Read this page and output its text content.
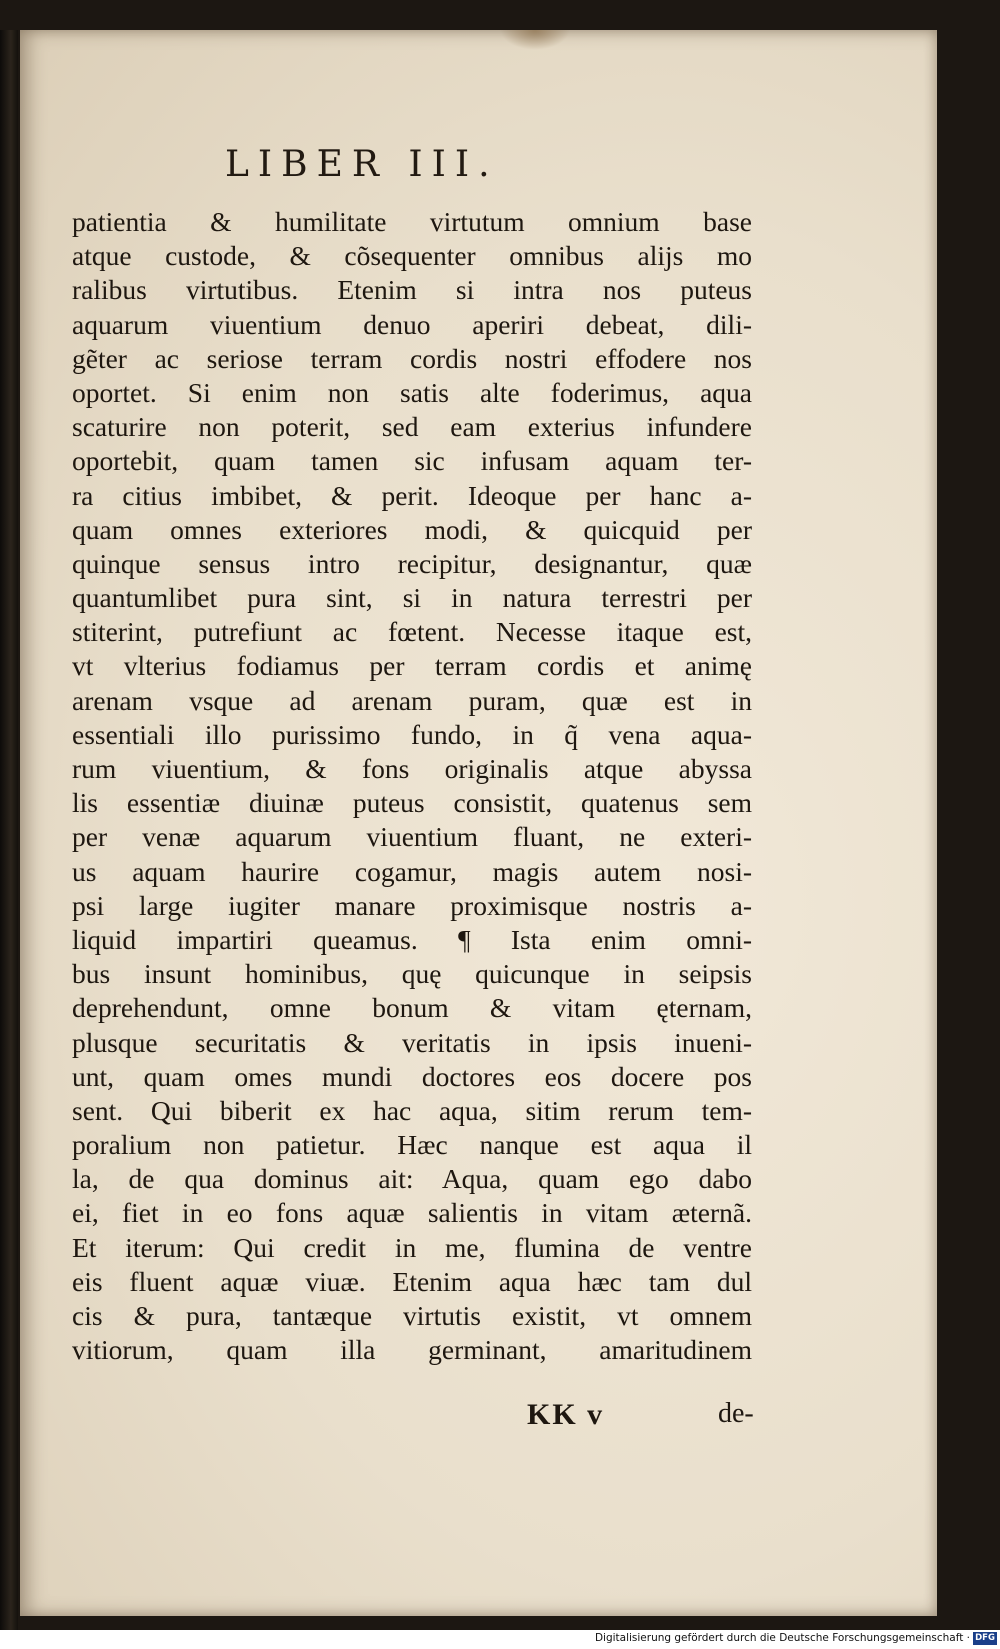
LIBER III.
patientia & humilitate virtutum omnium base
atque custode, & cõsequenter omnibus alijs mo
ralibus virtutibus. Etenim si intra nos puteus
aquarum viuentium denuo aperiri debeat, dili-
gẽter ac seriose terram cordis nostri effodere nos
oportet. Si enim non satis alte foderimus, aqua
scaturire non poterit, sed eam exterius infundere
oportebit, quam tamen sic infusam aquam ter-
ra citius imbibet, & perit. Ideoque per hanc a-
quam omnes exteriores modi, & quicquid per
quinque sensus intro recipitur, designantur, quæ
quantumlibet pura sint, si in natura terrestri per
stiterint, putrefiunt ac fœtent. Necesse itaque est,
vt vlterius fodiamus per terram cordis et animę
arenam vsque ad arenam puram, quæ est in
essentiali illo purissimo fundo, in q̃ vena aqua-
rum viuentium, & fons originalis atque abyssa
lis essentiæ diuinæ puteus consistit, quatenus sem
per venæ aquarum viuentium fluant, ne exteri-
us aquam haurire cogamur, magis autem nosi-
psi large iugiter manare proximisque nostris a-
liquid impartiri queamus. ¶ Ista enim omni-
bus insunt hominibus, quę quicunque in seipsis
deprehendunt, omne bonum & vitam ęternam,
plusque securitatis & veritatis in ipsis inueni-
unt, quam omes mundi doctores eos docere pos
sent. Qui biberit ex hac aqua, sitim rerum tem-
poralium non patietur. Hæc nanque est aqua il
la, de qua dominus ait: Aqua, quam ego dabo
ei, fiet in eo fons aquæ salientis in vitam æternã.
Et iterum: Qui credit in me, flumina de ventre
eis fluent aquæ viuæ. Etenim aqua hæc tam dul
cis & pura, tantæque virtutis existit, vt omnem
vitiorum, quam illa germinant, amaritudinem
KK v	de-
Digitalisierung gefördert durch die Deutsche Forschungsgemeinschaft · DFG
